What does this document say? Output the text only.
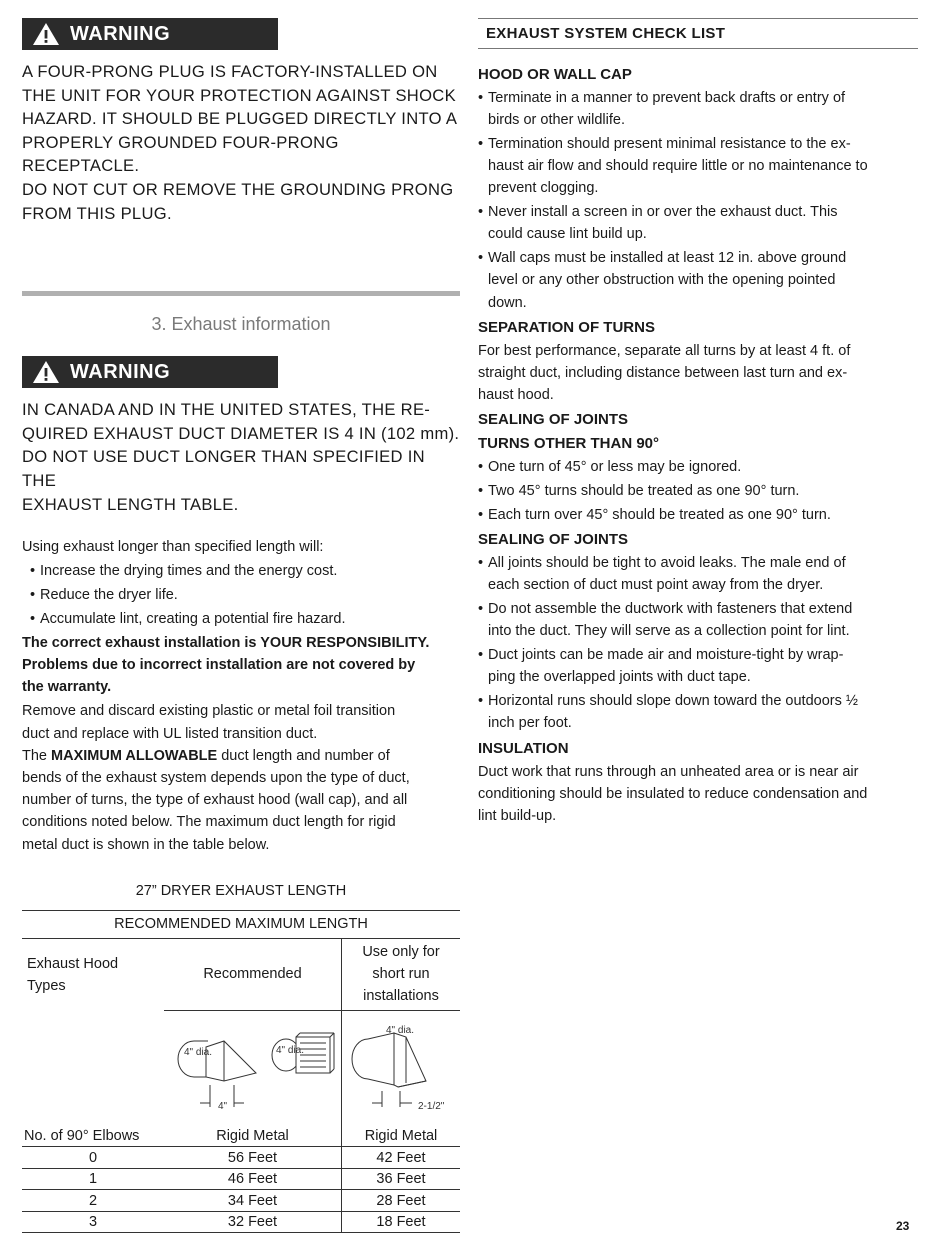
WARNING
A FOUR-PRONG PLUG IS FACTORY-INSTALLED ON
THE UNIT FOR YOUR PROTECTION AGAINST SHOCK
HAZARD. IT SHOULD BE PLUGGED DIRECTLY INTO A
PROPERLY GROUNDED FOUR-PRONG RECEPTACLE.
DO NOT CUT OR REMOVE THE GROUNDING PRONG
FROM THIS PLUG.
3. Exhaust information
WARNING
IN CANADA AND IN THE UNITED STATES, THE RE-
QUIRED EXHAUST DUCT DIAMETER IS 4 IN (102 mm).
DO NOT USE DUCT LONGER THAN SPECIFIED IN THE
EXHAUST LENGTH TABLE.
Using exhaust longer than specified length will:
• Increase the drying times and the energy cost.
• Reduce the dryer life.
• Accumulate lint, creating a potential fire hazard.
The correct exhaust installation is YOUR RESPONSIBILITY.
Problems due to incorrect installation are not covered by
the warranty.
Remove and discard existing plastic or metal foil transition
duct and replace with UL listed transition duct.
The MAXIMUM ALLOWABLE duct length and number of
bends of the exhaust system depends upon the type of duct,
number of turns, the type of exhaust hood (wall cap), and all
conditions noted below. The maximum duct length for rigid
metal duct is shown in the table below.
27” DRYER EXHAUST LENGTH
RECOMMENDED MAXIMUM LENGTH		

Exhaust Hood Types	Recommended	Use only for short run installations

4" dia. 4" dia.
4"	4" dia.
2-1/2"

No. of 90° Elbows	Rigid Metal	Rigid Metal
0	56 Feet	42 Feet
1	46 Feet	36 Feet
2	34 Feet	28 Feet
3	32 Feet	18 Feet
EXHAUST SYSTEM CHECK LIST
HOOD OR WALL CAP
• Terminate in a manner to prevent back drafts or entry of
birds or other wildlife.
• Termination should present minimal resistance to the ex-
haust air flow and should require little or no maintenance to
prevent clogging.
• Never install a screen in or over the exhaust duct. This
could cause lint build up.
• Wall caps must be installed at least 12 in. above ground
level or any other obstruction with the opening pointed
down.
SEPARATION OF TURNS
For best performance, separate all turns by at least 4 ft. of
straight duct, including distance between last turn and ex-
haust hood.
SEALING OF JOINTS
TURNS OTHER THAN 90°
• One turn of 45° or less may be ignored.
• Two 45° turns should be treated as one 90° turn.
• Each turn over 45° should be treated as one 90° turn.
SEALING OF JOINTS
• All joints should be tight to avoid leaks. The male end of
each section of duct must point away from the dryer.
• Do not assemble the ductwork with fasteners that extend
into the duct. They will serve as a collection point for lint.
• Duct joints can be made air and moisture-tight by wrap-
ping the overlapped joints with duct tape.
• Horizontal runs should slope down toward the outdoors ½
inch per foot.
INSULATION
Duct work that runs through an unheated area or is near air
conditioning should be insulated to reduce condensation and
lint build-up.
23
